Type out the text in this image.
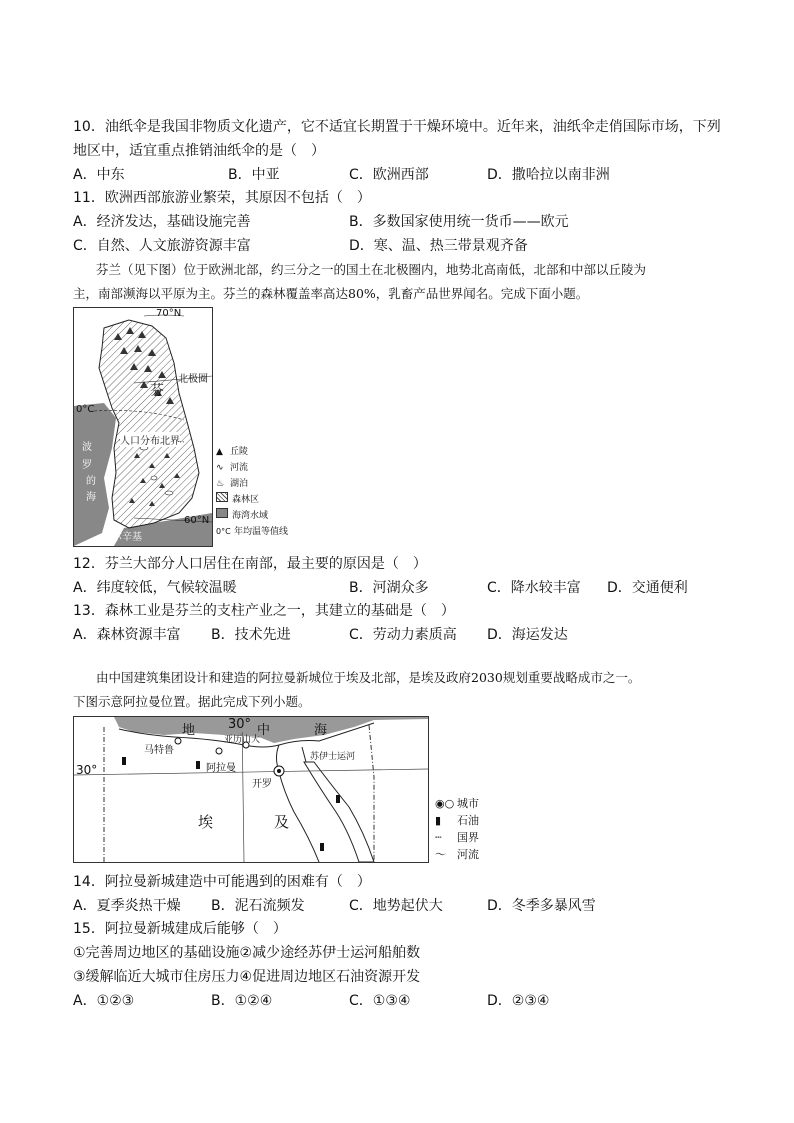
10．油纸伞是我国非物质文化遗产，它不适宜长期置于干燥环境中。近年来，油纸伞走俏国际市场，下列
地区中，适宜重点推销油纸伞的是（　）
A．中东	B．中亚	C．欧洲西部	D．撒哈拉以南非洲
11．欧洲西部旅游业繁荣，其原因不包括（　）
A．经济发达，基础设施完善	B．多数国家使用统一货币——欧元
C．自然、人文旅游资源丰富	D．寒、温、热三带景观齐备
芬兰（见下图）位于欧洲北部，约三分之一的国土在北极圈内，地势北高南低，北部和中部以丘陵为
主，南部濒海以平原为主。芬兰的森林覆盖率高达80%，乳畜产品世界闻名。完成下面小题。
70°N
北极圈
芬
0°C
人口分布北界
波
罗
的
海
60°N
赫尔辛基
▲ 丘陵
∿ 河流
♨ 湖泊
森林区
海湾水域
0°C 年均温等值线
12．芬兰大部分人口居住在南部，最主要的原因是（　）
A．纬度较低，气候较温暖	B．河湖众多	C．降水较丰富 D．交通便利
13．森林工业是芬兰的支柱产业之一，其建立的基础是（　）
A．森林资源丰富 B．技术先进	C．劳动力素质高 D．海运发达
由中国建筑集团设计和建造的阿拉曼新城位于埃及北部，是埃及政府2030规划重要战略成市之一。
下图示意阿拉曼位置。据此完成下列小题。
地	30° 中	海
亚历山大
马特鲁
阿拉曼
苏伊士运河
30°
开罗
埃	及
◉○ 城市
▮ 石油
┄ 国界
〜 河流
14．阿拉曼新城建造中可能遇到的困难有（　）
A．夏季炎热干燥 B．泥石流频发	C．地势起伏大	D．冬季多暴风雪
15．阿拉曼新城建成后能够（　）
①完善周边地区的基础设施②减少途经苏伊士运河船舶数
③缓解临近大城市住房压力④促进周边地区石油资源开发
A．①②③	B．①②④	C．①③④	D．②③④
